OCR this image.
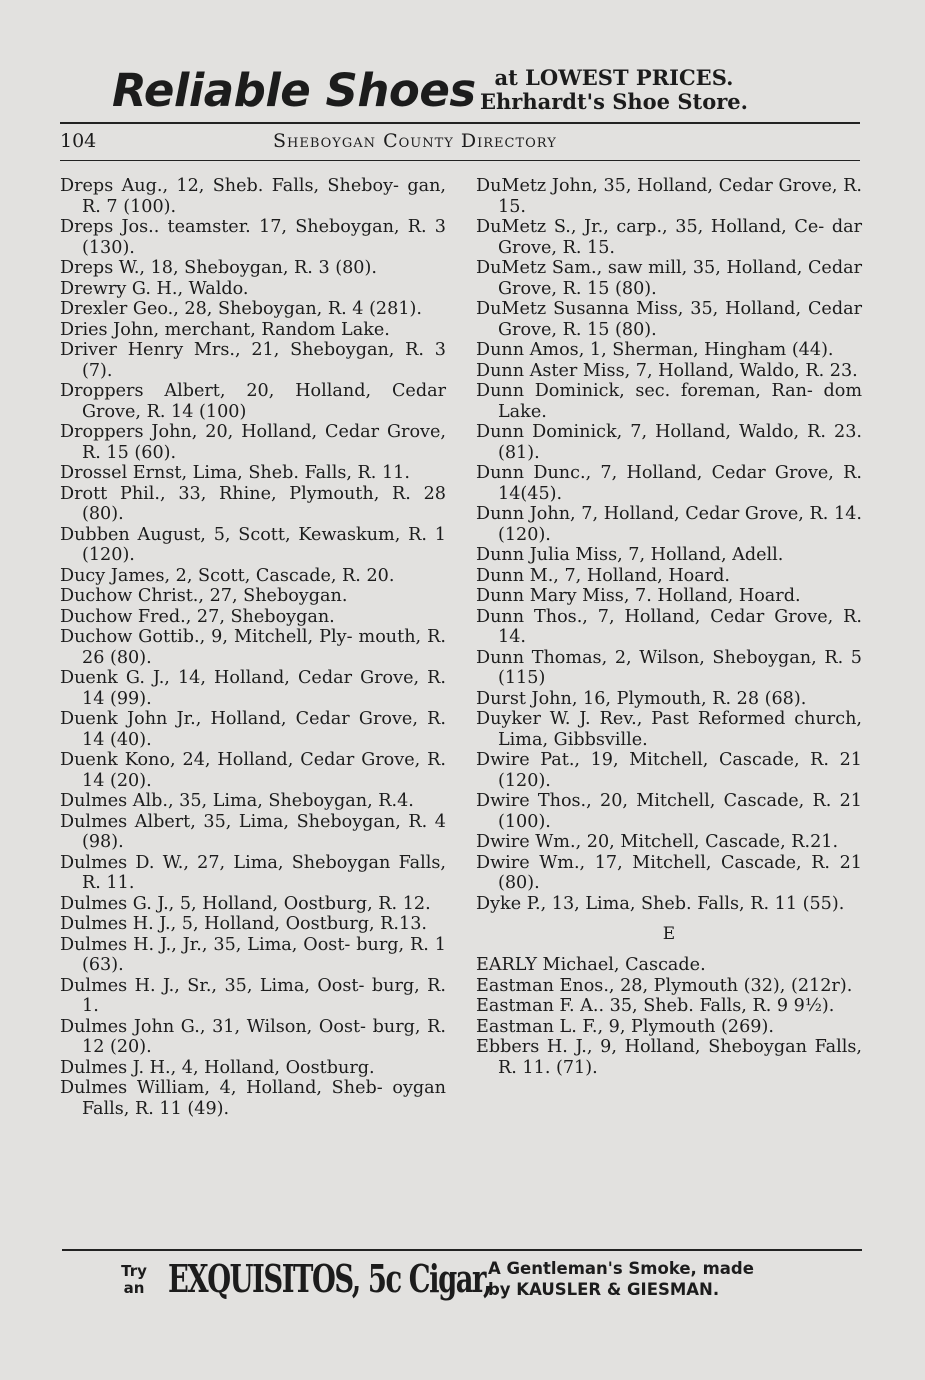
Reliable Shoes at LOWEST PRICES.
Ehrhardt's Shoe Store.
104	Sheboygan County Directory

Dreps Aug., 12, Sheb. Falls, Sheboy- gan, R. 7 (100).

Dreps Jos.. teamster. 17, Sheboygan, R. 3 (130).

Dreps W., 18, Sheboygan, R. 3 (80).

Drewry G. H., Waldo.

Drexler Geo., 28, Sheboygan, R. 4 (281).

Dries John, merchant, Random Lake.

Driver Henry Mrs., 21, Sheboygan, R. 3 (7).

Droppers Albert, 20, Holland, Cedar Grove, R. 14 (100)

Droppers John, 20, Holland, Cedar Grove, R. 15 (60).

Drossel Ernst, Lima, Sheb. Falls, R. 11.

Drott Phil., 33, Rhine, Plymouth, R. 28 (80).

Dubben August, 5, Scott, Kewaskum, R. 1 (120).

Ducy James, 2, Scott, Cascade, R. 20.

Duchow Christ., 27, Sheboygan.

Duchow Fred., 27, Sheboygan.

Duchow Gottib., 9, Mitchell, Ply- mouth, R. 26 (80).

Duenk G. J., 14, Holland, Cedar Grove, R. 14 (99).

Duenk John Jr., Holland, Cedar Grove, R. 14 (40).

Duenk Kono, 24, Holland, Cedar Grove, R. 14 (20).

Dulmes Alb., 35, Lima, Sheboygan, R.4.

Dulmes Albert, 35, Lima, Sheboygan, R. 4 (98).

Dulmes D. W., 27, Lima, Sheboygan Falls, R. 11.

Dulmes G. J., 5, Holland, Oostburg, R. 12.

Dulmes H. J., 5, Holland, Oostburg, R.13.

Dulmes H. J., Jr., 35, Lima, Oost- burg, R. 1 (63).

Dulmes H. J., Sr., 35, Lima, Oost- burg, R. 1.

Dulmes John G., 31, Wilson, Oost- burg, R. 12 (20).

Dulmes J. H., 4, Holland, Oostburg.

Dulmes William, 4, Holland, Sheb- oygan Falls, R. 11 (49).

DuMetz John, 35, Holland, Cedar Grove, R. 15.

DuMetz S., Jr., carp., 35, Holland, Ce- dar Grove, R. 15.

DuMetz Sam., saw mill, 35, Holland, Cedar Grove, R. 15 (80).

DuMetz Susanna Miss, 35, Holland, Cedar Grove, R. 15 (80).

Dunn Amos, 1, Sherman, Hingham (44).

Dunn Aster Miss, 7, Holland, Waldo, R. 23.

Dunn Dominick, sec. foreman, Ran- dom Lake.

Dunn Dominick, 7, Holland, Waldo, R. 23. (81).

Dunn Dunc., 7, Holland, Cedar Grove, R. 14(45).

Dunn John, 7, Holland, Cedar Grove, R. 14. (120).

Dunn Julia Miss, 7, Holland, Adell.

Dunn M., 7, Holland, Hoard.

Dunn Mary Miss, 7. Holland, Hoard.

Dunn Thos., 7, Holland, Cedar Grove, R. 14.

Dunn Thomas, 2, Wilson, Sheboygan, R. 5 (115)

Durst John, 16, Plymouth, R. 28 (68).

Duyker W. J. Rev., Past Reformed church, Lima, Gibbsville.

Dwire Pat., 19, Mitchell, Cascade, R. 21 (120).

Dwire Thos., 20, Mitchell, Cascade, R. 21 (100).

Dwire Wm., 20, Mitchell, Cascade, R.21.

Dwire Wm., 17, Mitchell, Cascade, R. 21 (80).

Dyke P., 13, Lima, Sheb. Falls, R. 11 (55).

E

EARLY Michael, Cascade.

Eastman Enos., 28, Plymouth (32), (212r).

Eastman F. A.. 35, Sheb. Falls, R. 9 9½).

Eastman L. F., 9, Plymouth (269).

Ebbers H. J., 9, Holland, Sheboygan Falls, R. 11. (71).

Try
an EXQUISITOS, 5c Cigar,
A Gentleman's Smoke, made
by KAUSLER & GIESMAN.
